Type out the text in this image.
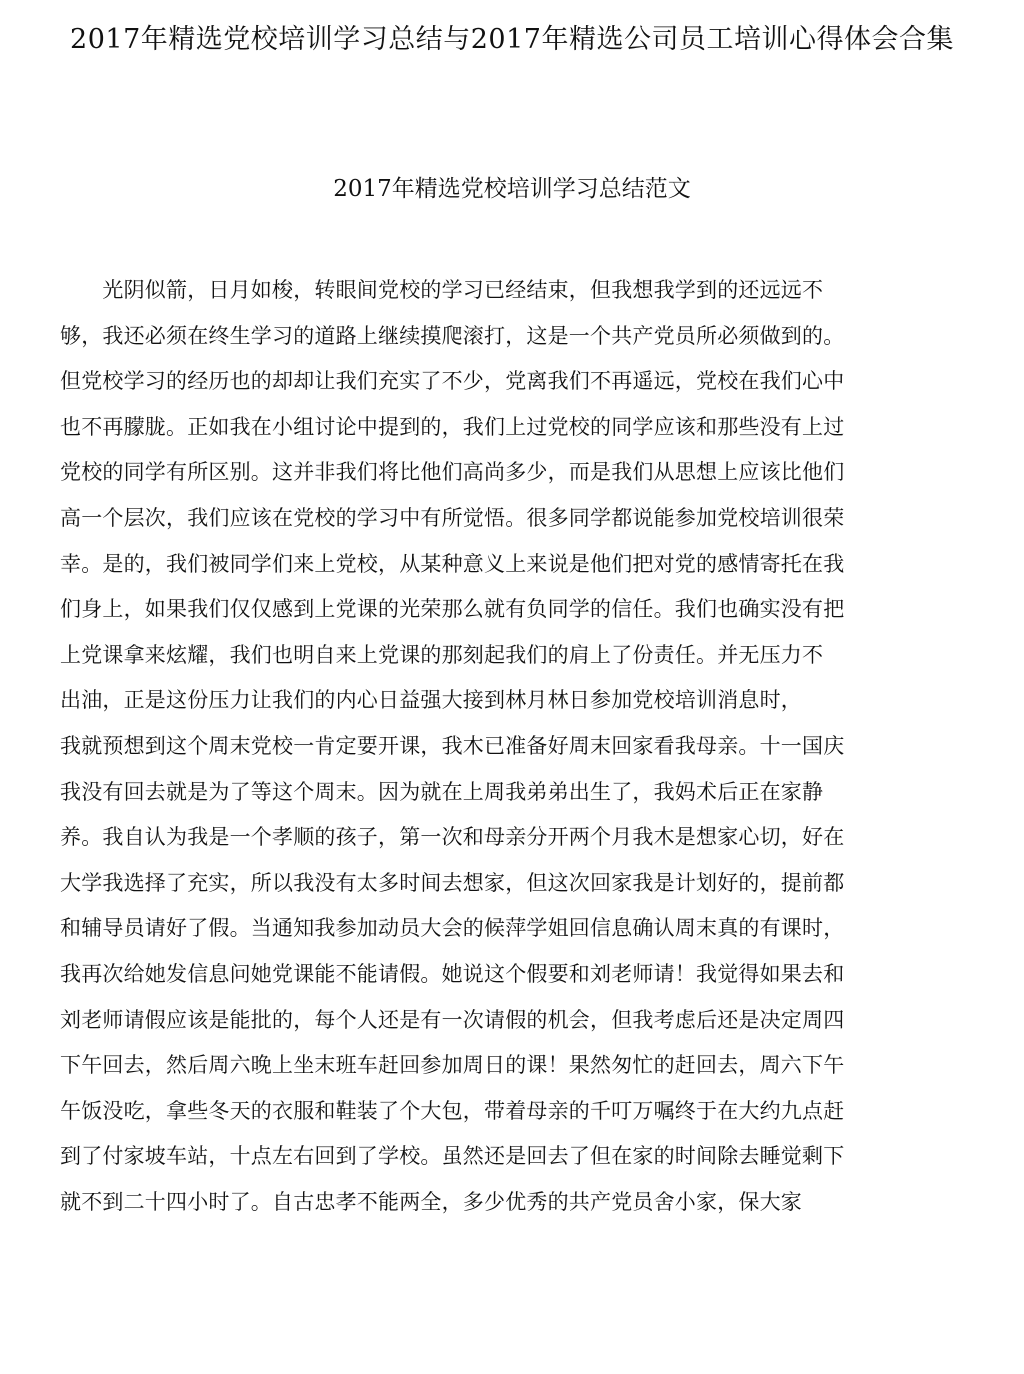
2017年精选党校培训学习总结与2017年精选公司员工培训心得体会合集
2017年精选党校培训学习总结范文
　　光阴似箭，日月如梭，转眼间党校的学习已经结束，但我想我学到的还远远不
够，我还必须在终生学习的道路上继续摸爬滚打，这是一个共产党员所必须做到的。
但党校学习的经历也的却却让我们充实了不少，党离我们不再遥远，党校在我们心中
也不再朦胧。正如我在小组讨论中提到的，我们上过党校的同学应该和那些没有上过
党校的同学有所区别。这并非我们将比他们高尚多少，而是我们从思想上应该比他们
高一个层次，我们应该在党校的学习中有所觉悟。很多同学都说能参加党校培训很荣
幸。是的，我们被同学们来上党校，从某种意义上来说是他们把对党的感情寄托在我
们身上，如果我们仅仅感到上党课的光荣那么就有负同学的信任。我们也确实没有把
上党课拿来炫耀，我们也明自来上党课的那刻起我们的肩上了份责任。并无压力不
出油，正是这份压力让我们的内心日益强大接到林月林日参加党校培训消息时，
我就预想到这个周末党校一肯定要开课，我木已准备好周末回家看我母亲。十一国庆
我没有回去就是为了等这个周末。因为就在上周我弟弟出生了，我妈术后正在家静
养。我自认为我是一个孝顺的孩子，第一次和母亲分开两个月我木是想家心切，好在
大学我选择了充实，所以我没有太多时间去想家，但这次回家我是计划好的，提前都
和辅导员请好了假。当通知我参加动员大会的候萍学姐回信息确认周末真的有课时，
我再次给她发信息问她党课能不能请假。她说这个假要和刘老师请！我觉得如果去和
刘老师请假应该是能批的，每个人还是有一次请假的机会，但我考虑后还是决定周四
下午回去，然后周六晚上坐末班车赶回参加周日的课！果然匆忙的赶回去，周六下午
午饭没吃，拿些冬天的衣服和鞋装了个大包，带着母亲的千叮万嘱终于在大约九点赶
到了付家坡车站，十点左右回到了学校。虽然还是回去了但在家的时间除去睡觉剩下
就不到二十四小时了。自古忠孝不能两全，多少优秀的共产党员舍小家，保大家
